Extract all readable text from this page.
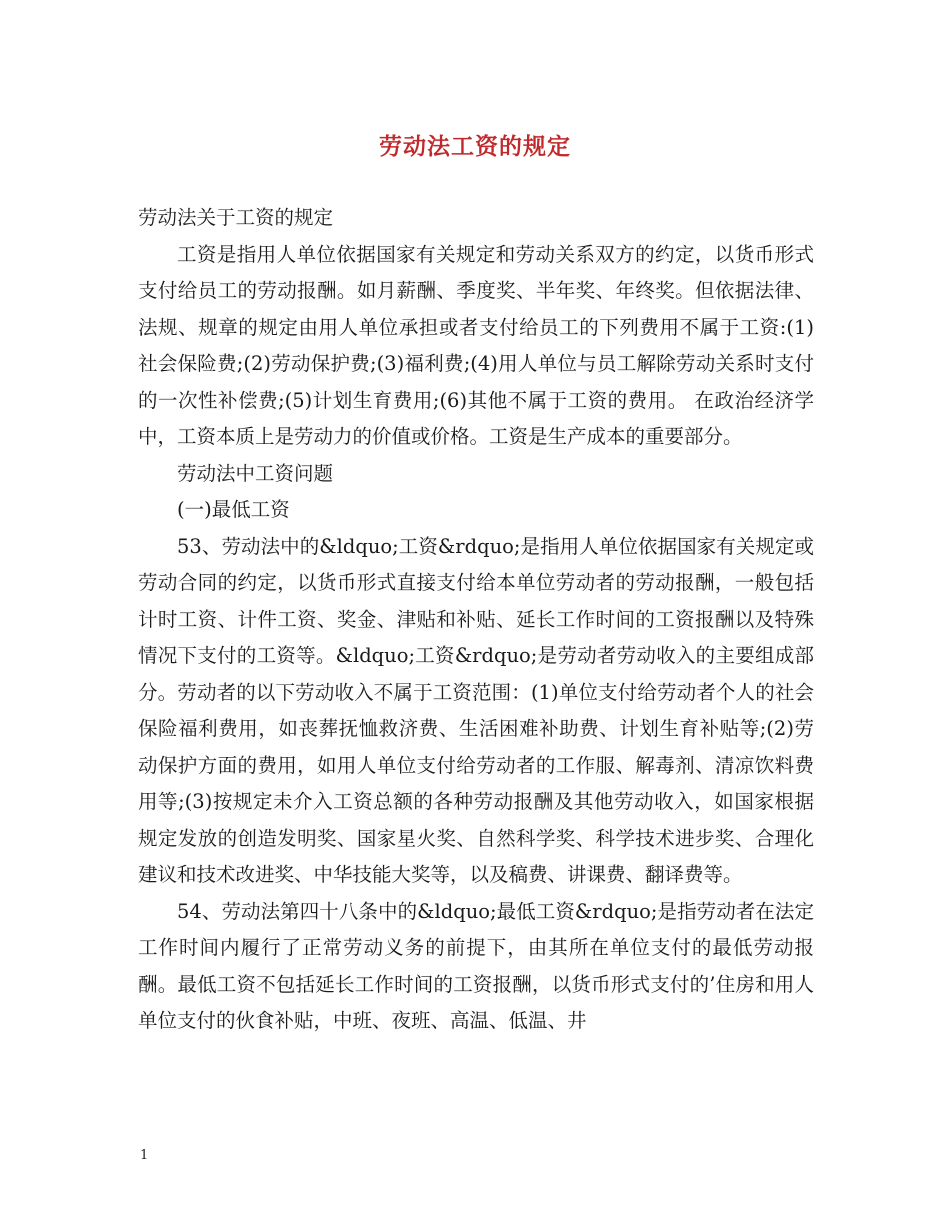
劳动法工资的规定

劳动法关于工资的规定

工资是指用人单位依据国家有关规定和劳动关系双方的约定，以货币形式支付给员工的劳动报酬。如月薪酬、季度奖、半年奖、年终奖。但依据法律、法规、规章的规定由用人单位承担或者支付给员工的下列费用不属于工资:(1)社会保险费;(2)劳动保护费;(3)福利费;(4)用人单位与员工解除劳动关系时支付的一次性补偿费;(5)计划生育费用;(6)其他不属于工资的费用。 在政治经济学中，工资本质上是劳动力的价值或价格。工资是生产成本的重要部分。

劳动法中工资问题

(一)最低工资

53、劳动法中的&ldquo;工资&rdquo;是指用人单位依据国家有关规定或劳动合同的约定，以货币形式直接支付给本单位劳动者的劳动报酬，一般包括计时工资、计件工资、奖金、津贴和补贴、延长工作时间的工资报酬以及特殊情况下支付的工资等。&ldquo;工资&rdquo;是劳动者劳动收入的主要组成部分。劳动者的以下劳动收入不属于工资范围：(1)单位支付给劳动者个人的社会保险福利费用，如丧葬抚恤救济费、生活困难补助费、计划生育补贴等;(2)劳动保护方面的费用，如用人单位支付给劳动者的工作服、解毒剂、清凉饮料费用等;(3)按规定未介入工资总额的各种劳动报酬及其他劳动收入，如国家根据规定发放的创造发明奖、国家星火奖、自然科学奖、科学技术进步奖、合理化建议和技术改进奖、中华技能大奖等，以及稿费、讲课费、翻译费等。

54、劳动法第四十八条中的&ldquo;最低工资&rdquo;是指劳动者在法定工作时间内履行了正常劳动义务的前提下，由其所在单位支付的最低劳动报酬。最低工资不包括延长工作时间的工资报酬，以货币形式支付的’住房和用人单位支付的伙食补贴，中班、夜班、高温、低温、井

1
